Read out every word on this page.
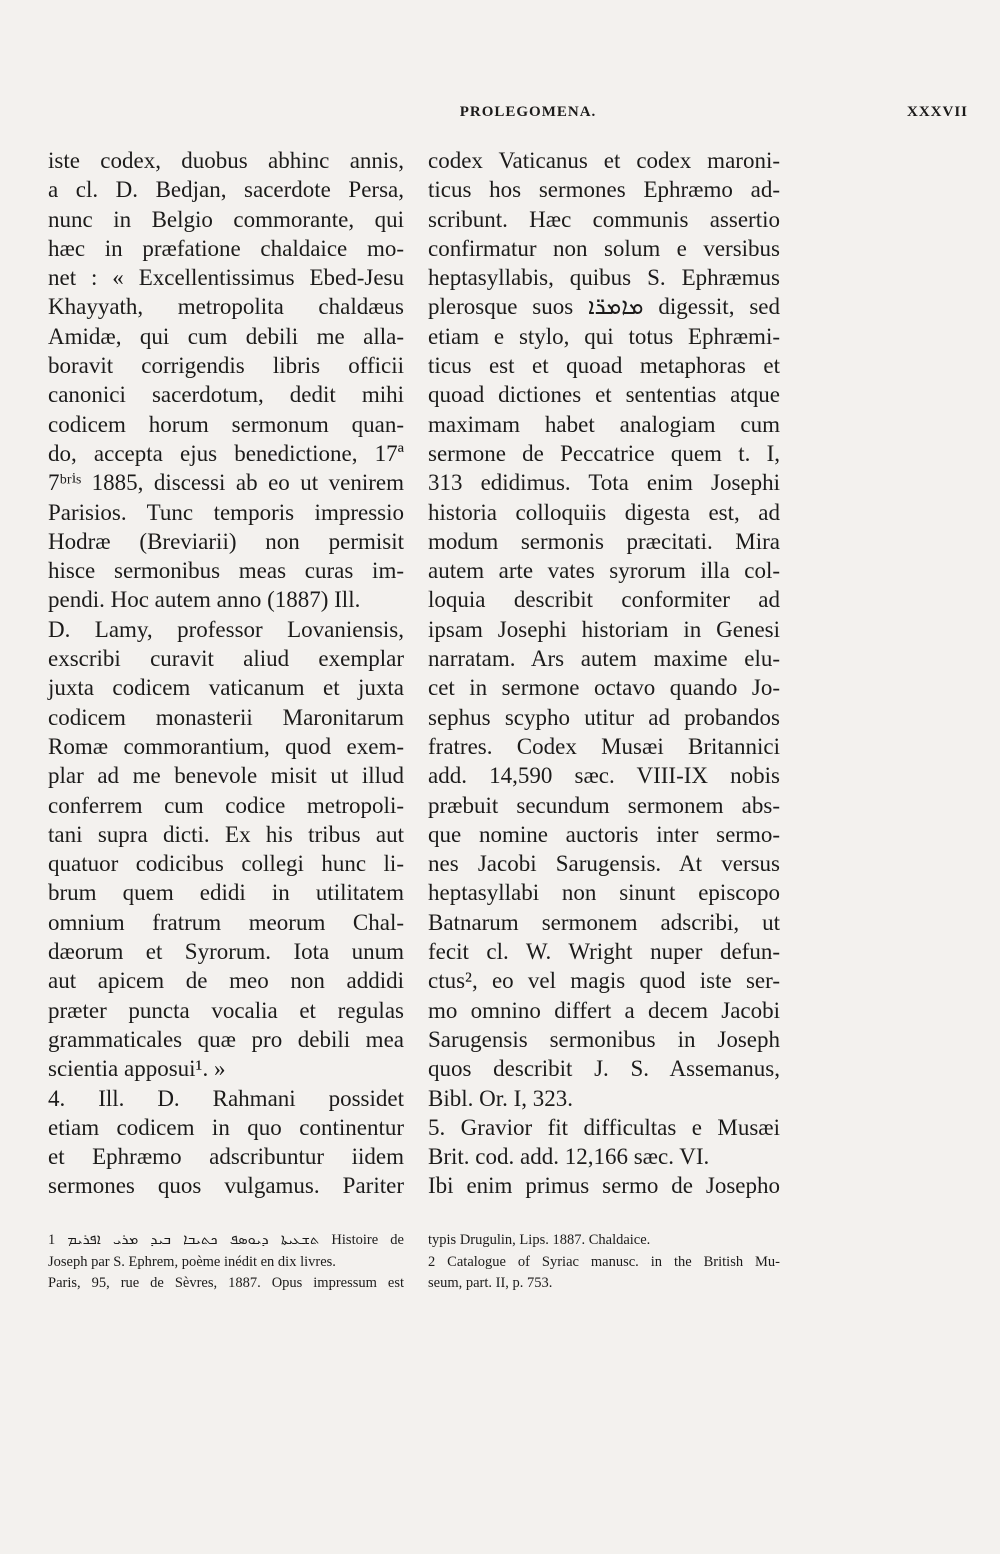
PROLEGOMENA.	XXXVII
iste codex, duobus abhinc annis,
a cl. D. Bedjan, sacerdote Persa,
nunc in Belgio commorante, qui
hæc in præfatione chaldaice mo-
net : « Excellentissimus Ebed-Jesu
Khayyath, metropolita chaldæus
Amidæ, qui cum debili me alla-
boravit corrigendis libris officii
canonici sacerdotum, dedit mihi
codicem horum sermonum quan-
do, accepta ejus benedictione, 17ª
7ᵇʳⁱˢ 1885, discessi ab eo ut venirem
Parisios. Tunc temporis impressio
Hodræ (Breviarii) non permisit
hisce sermonibus meas curas im-
pendi. Hoc autem anno (1887) Ill.
D. Lamy, professor Lovaniensis,
exscribi curavit aliud exemplar
juxta codicem vaticanum et juxta
codicem monasterii Maronitarum
Romæ commorantium, quod exem-
plar ad me benevole misit ut illud
conferrem cum codice metropoli-
tani supra dicti. Ex his tribus aut
quatuor codicibus collegi hunc li-
brum quem edidi in utilitatem
omnium fratrum meorum Chal-
dæorum et Syrorum. Iota unum
aut apicem de meo non addidi
præter puncta vocalia et regulas
grammaticales quæ pro debili mea
scientia apposui¹. »
4. Ill. D. Rahmani possidet
etiam codicem in quo continentur
et Ephræmo adscribuntur iidem
sermones quos vulgamus. Pariter
codex Vaticanus et codex maroni-
ticus hos sermones Ephræmo ad-
scribunt. Hæc communis assertio
confirmatur non solum e versibus
heptasyllabis, quibus S. Ephræmus
plerosque suos ܡܐܡܪ̈ܐ digessit, sed
etiam e stylo, qui totus Ephræmi-
ticus est et quoad metaphoras et
quoad dictiones et sententias atque
maximam habet analogiam cum
sermone de Peccatrice quem t. I,
313 edidimus. Tota enim Josephi
historia colloquiis digesta est, ad
modum sermonis præcitati. Mira
autem arte vates syrorum illa col-
loquia describit conformiter ad
ipsam Josephi historiam in Genesi
narratam. Ars autem maxime elu-
cet in sermone octavo quando Jo-
sephus scypho utitur ad probandos
fratres. Codex Musæi Britannici
add. 14,590 sæc. VIII-IX nobis
præbuit secundum sermonem abs-
que nomine auctoris inter sermo-
nes Jacobi Sarugensis. At versus
heptasyllabi non sinunt episcopo
Batnarum sermonem adscribi, ut
fecit cl. W. Wright nuper defun-
ctus², eo vel magis quod iste ser-
mo omnino differt a decem Jacobi
Sarugensis sermonibus in Joseph
quos describit J. S. Assemanus,
Bibl. Or. I, 323.
5. Gravior fit difficultas e Musæi
Brit. cod. add. 12,166 sæc. VI.
Ibi enim primus sermo de Josepho
1 ܬܫܥܝܬܐ ܕܝܘܣܦ ܟܬܝܒܐ ܒܝܕ ܡܪܝ ܐܦܪܝܡ Histoire de
Joseph par S. Ephrem, poème inédit en dix livres.
Paris, 95, rue de Sèvres, 1887. Opus impressum est
typis Drugulin, Lips. 1887. Chaldaice.
2 Catalogue of Syriac manusc. in the British Mu-
seum, part. II, p. 753.
